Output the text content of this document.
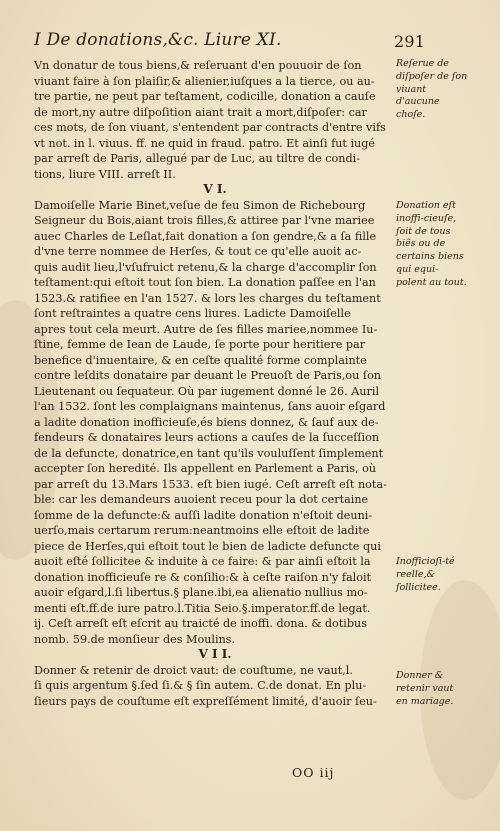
I De donations,&c. Liure XI.	291
Vn donatur de tous biens,& reſeruant d'en pouuoir de ſon
viuant faire à ſon plaiſir,& alienier,iuſques a la tierce, ou au-
tre partie, ne peut par teſtament, codicille, donation a cauſe
de mort,ny autre diſpoſition aiant trait a mort,diſpoſer: car
ces mots, de ſon viuant, s'entendent par contracts d'entre vifs
vt not. in l. viuus. ff. ne quid in fraud. patro. Et ainſi fut iugé
par arreſt de Paris, allegué par de Luc, au tiltre de condi-
tions, liure VIII. arreſt II.
V I.
Damoiſelle Marie Binet,veſue de feu Simon de Richebourg
Seigneur du Bois,aiant trois filles,& attiree par l'vne mariee
auec Charles de Leſlat,fait donation a ſon gendre,& a ſa fille
d'vne terre nommee de Herſes, & tout ce qu'elle auoit ac-
quis audit lieu,l'vſufruict retenu,& la charge d'accomplir ſon
teſtament:qui eſtoit tout ſon bien. La donation paſſee en l'an
1523.& ratifiee en l'an 1527. & lors les charges du teſtament
ſont reſtraintes a quatre cens liures. Ladicte Damoiſelle
apres tout cela meurt. Autre de ſes filles mariee,nommee Iu-
ſtine, femme de Iean de Laude, ſe porte pour heritiere par
benefice d'inuentaire, & en ceſte qualité forme complainte
contre leſdits donataire par deuant le Preuoſt de Paris,ou ſon
Lieutenant ou ſequateur. Où par iugement donné le 26. Auril
l'an 1532. ſont les complaignans maintenus, ſans auoir eſgard
a ladite donation inofficieuſe,és biens donnez, & ſauf aux de-
fendeurs & donataires leurs actions a cauſes de la ſucceſſion
de la defuncte, donatrice,en tant qu'ils vouluſſent ſimplement
accepter ſon heredité. Ils appellent en Parlement a Paris, où
par arreſt du 13.Mars 1533. eſt bien iugé. Ceſt arreſt eſt nota-
ble: car les demandeurs auoient receu pour la dot certaine
ſomme de la defuncte:& auſſi ladite donation n'eſtoit deuni-
uerſo,mais certarum rerum:neantmoins elle eſtoit de ladite
piece de Herſes,qui eſtoit tout le bien de ladicte defuncte qui
auoit eſté ſollicitee & induite à ce faire: & par ainſi eſtoit la
donation inofficieuſe re & conſilio:& à ceſte raiſon n'y faloit
auoir eſgard,l.ſi libertus.§ plane.ibi,ea alienatio nullius mo-
menti eſt.ff.de iure patro.l.Titia Seio.§.imperator.ff.de legat.
ij. Ceſt arreſt eſt eſcrit au traicté de inoffi. dona. & dotibus
nomb. 59.de monſieur des Moulins.
V I I.
Donner & retenir de droict vaut: de couſtume, ne vaut,l.
ſi quis argentum §.ſed ſi.& § ſin autem. C.de donat. En plu-
ſieurs pays de couſtume eſt expreſſément limité, d'auoir ſeu-
Reſerue de diſpoſer de ſon viuant d'aucune choſe.
Donation eſt inoffi-cieuſe, ſoit de tous biẽs ou de certains biens qui equi-polent au tout.
Inofficioſi-té reelle,& ſollicitee.
Donner & retenir vaut en mariage.
OO iij
